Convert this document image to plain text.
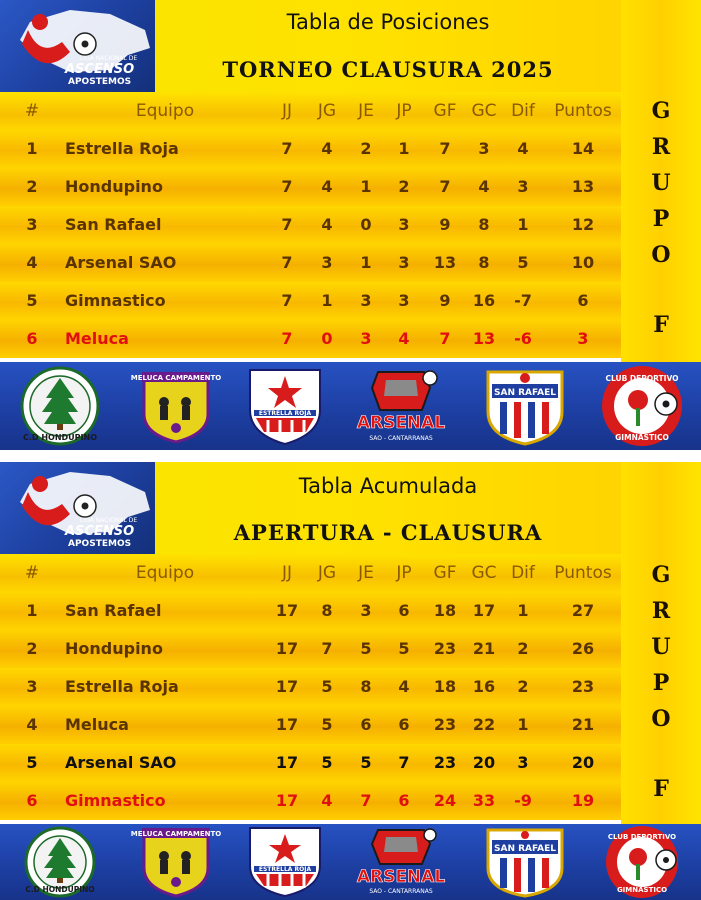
LIGA NACIONAL DE
ASCENSO
APOSTEMOS
Tabla de Posiciones
TORNEO CLAUSURA 2025
#	Equipo	JJ	JG	JE	JP	GF GC Dif	Puntos
1 Estrella Roja	7	4	2	1	7	3	4	14
2 Hondupino	7	4	1	2	7	4	3	13
3 San Rafael	7	4	0	3	9	8	1	12
4 Arsenal SAO	7	3	1	3	13	8	5	10
5 Gimnastico	7	1	3	3	9	16	-7	6
6 Meluca	7	0	3	4	7	13	-6	3
G
R
U
P
O
F
C.D HONDUPINO
MELUCA CAMPAMENTO
ESTRELLA ROJA	ARSENAL
SAO - CANTARRANAS
SAN RAFAEL
CLUB DEPORTIVO
GIMNASTICO
LIGA NACIONAL DE
ASCENSO
APOSTEMOS
Tabla Acumulada
APERTURA - CLAUSURA
#	Equipo	JJ	JG	JE	JP	GF GC Dif	Puntos
1 San Rafael	17	8	3	6	18	17	1	27
2 Hondupino	17	7	5	5	23	21	2	26
3 Estrella Roja	17	5	8	4	18	16	2	23
4 Meluca	17	5	6	6	23	22	1	21
5 Arsenal SAO	17	5	5	7	23	20	3	20
6 Gimnastico	17	4	7	6	24	33	-9	19
G
R
U
P
O
F
C.D HONDUPINO
MELUCA CAMPAMENTO
ESTRELLA ROJA	ARSENAL
SAO - CANTARRANAS
SAN RAFAEL
CLUB DEPORTIVO
GIMNASTICO
